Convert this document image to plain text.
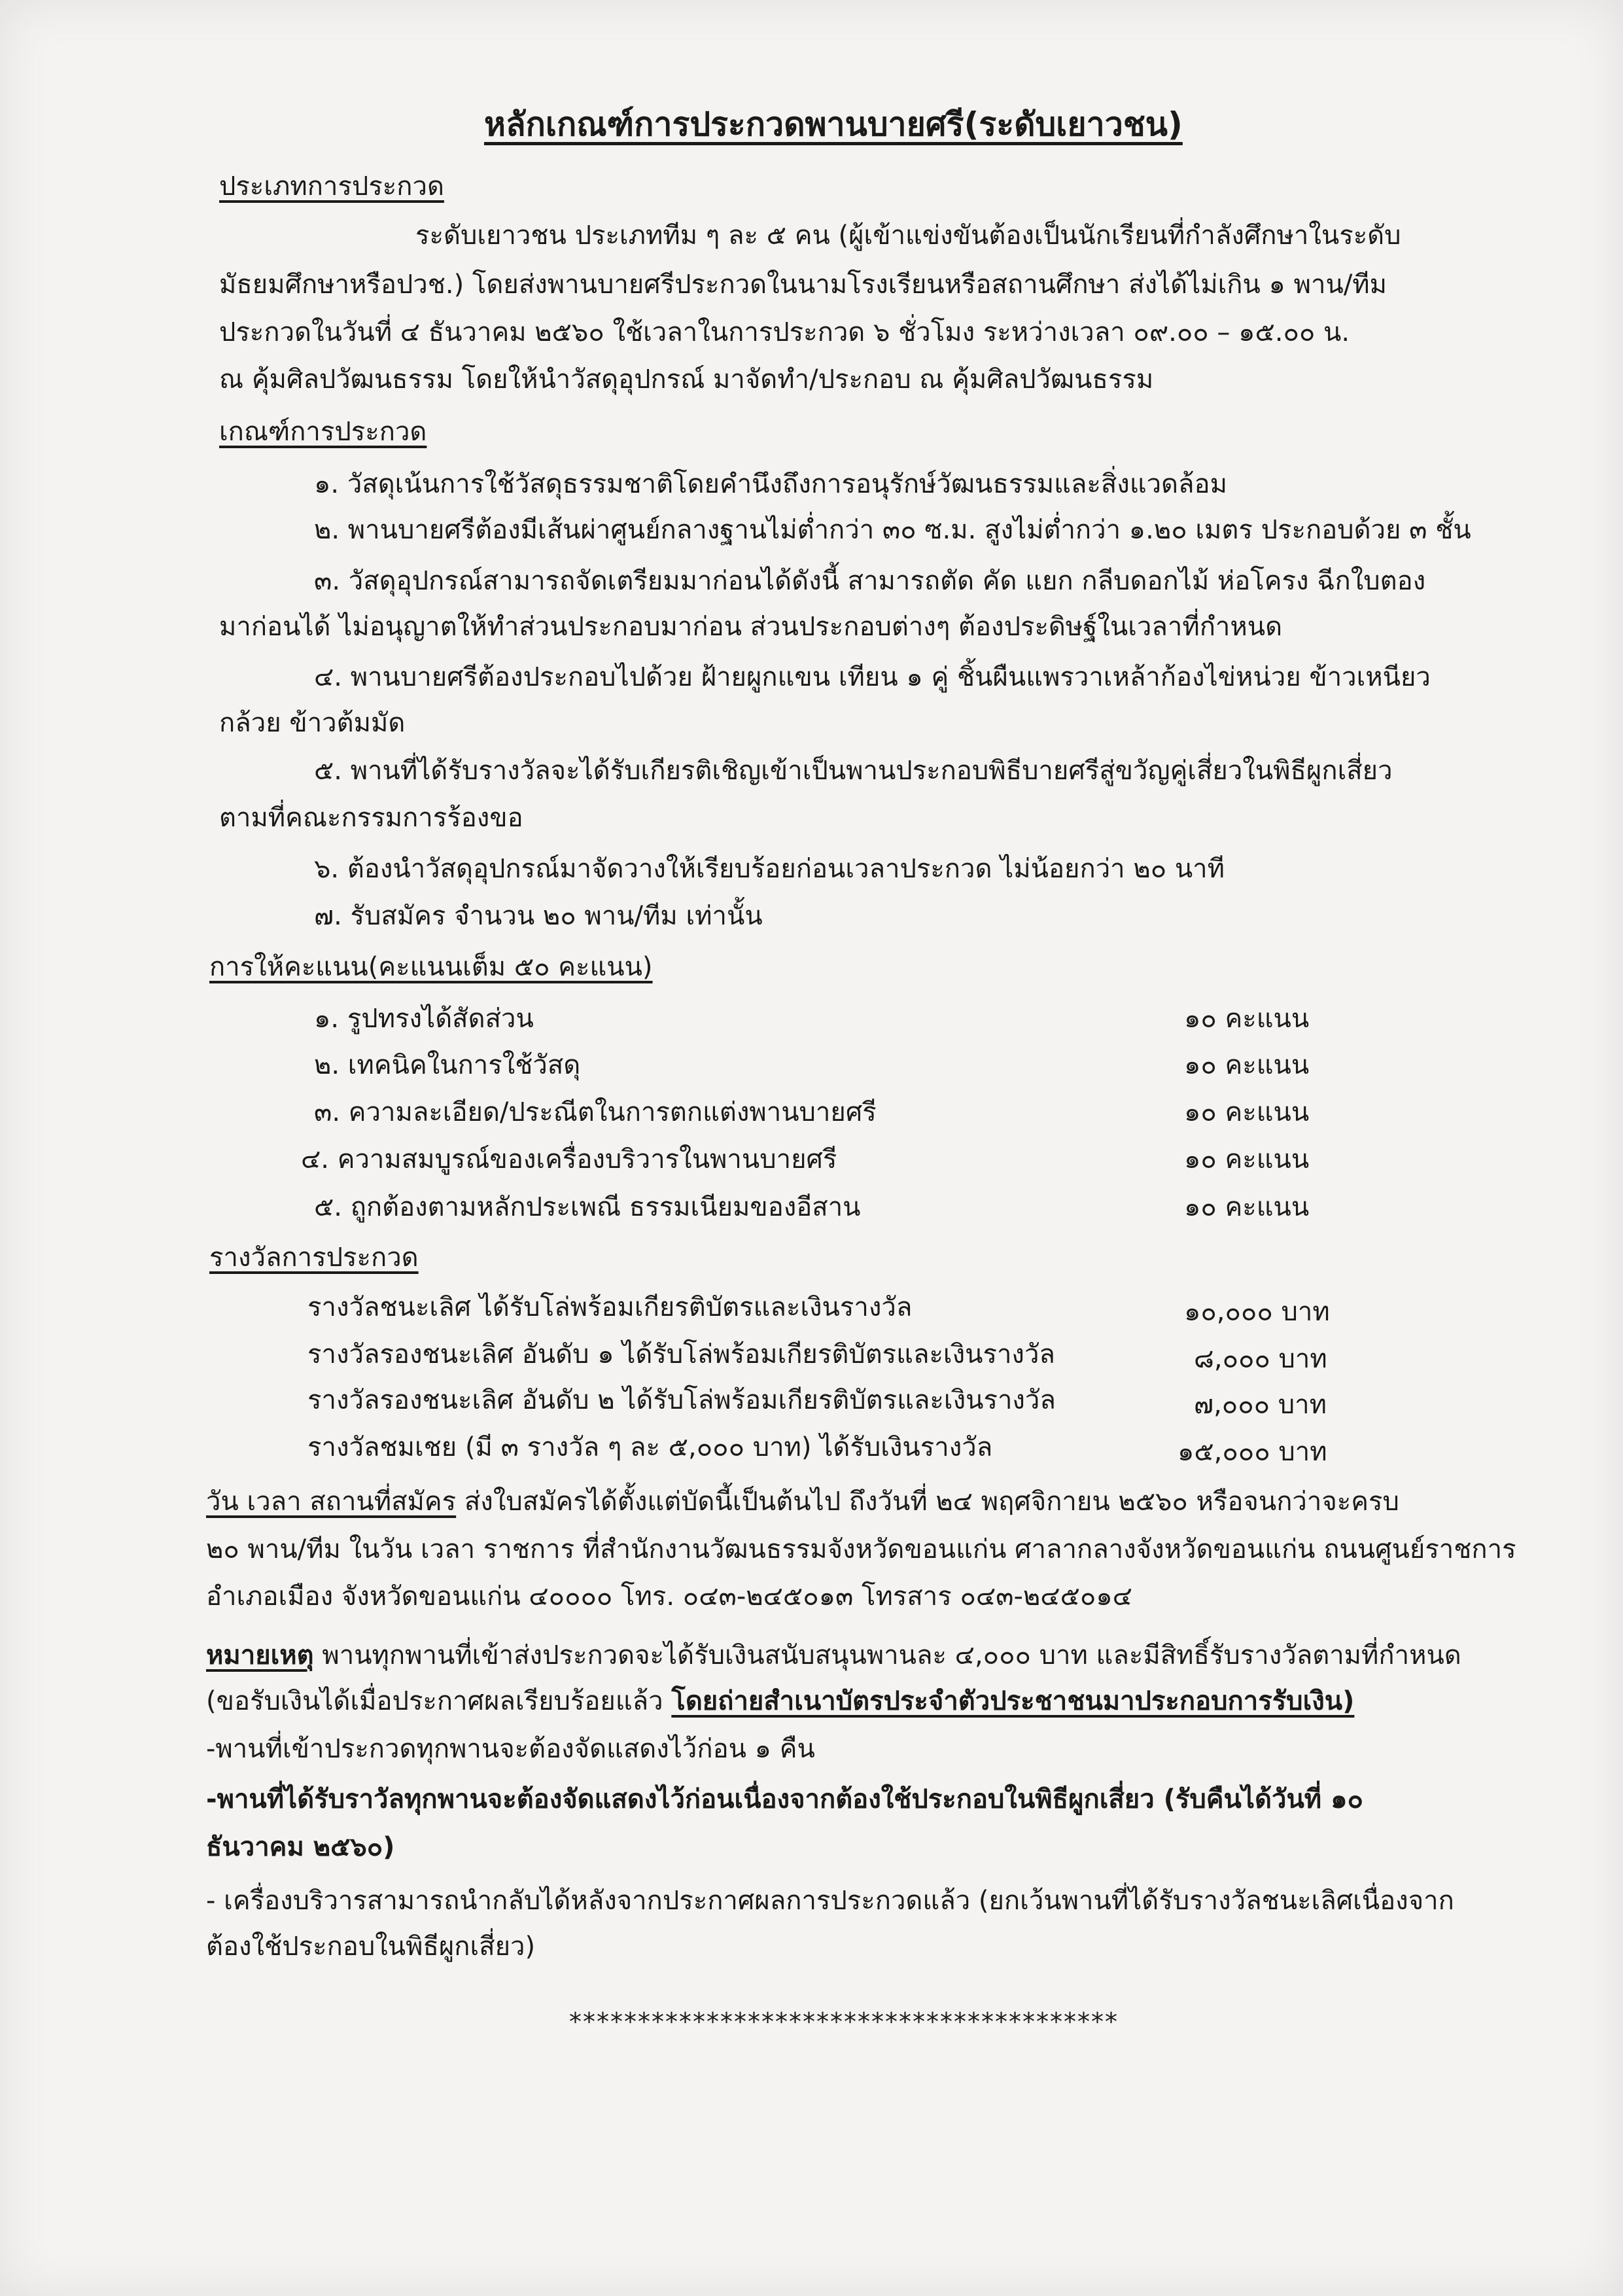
หลักเกณฑ์การประกวดพานบายศรี(ระดับเยาวชน)
ประเภทการประกวด
ระดับเยาวชน ประเภททีม ๆ ละ ๕ คน (ผู้เข้าแข่งขันต้องเป็นนักเรียนที่กำลังศึกษาในระดับ
มัธยมศึกษาหรือปวช.) โดยส่งพานบายศรีประกวดในนามโรงเรียนหรือสถานศึกษา ส่งได้ไม่เกิน ๑ พาน/ทีม
ประกวดในวันที่ ๔ ธันวาคม ๒๕๖๐ ใช้เวลาในการประกวด ๖ ชั่วโมง ระหว่างเวลา ๐๙.๐๐ – ๑๕.๐๐ น.
ณ คุ้มศิลปวัฒนธรรม โดยให้นำวัสดุอุปกรณ์ มาจัดทำ/ประกอบ ณ คุ้มศิลปวัฒนธรรม
เกณฑ์การประกวด
๑. วัสดุเน้นการใช้วัสดุธรรมชาติโดยคำนึงถึงการอนุรักษ์วัฒนธรรมและสิ่งแวดล้อม
๒. พานบายศรีต้องมีเส้นผ่าศูนย์กลางฐานไม่ต่ำกว่า ๓๐ ซ.ม. สูงไม่ต่ำกว่า ๑.๒๐ เมตร ประกอบด้วย ๓ ชั้น
๓. วัสดุอุปกรณ์สามารถจัดเตรียมมาก่อนได้ดังนี้ สามารถตัด คัด แยก กลีบดอกไม้ ห่อโครง ฉีกใบตอง
มาก่อนได้ ไม่อนุญาตให้ทำส่วนประกอบมาก่อน ส่วนประกอบต่างๆ ต้องประดิษฐ์ในเวลาที่กำหนด
๔. พานบายศรีต้องประกอบไปด้วย ฝ้ายผูกแขน เทียน ๑ คู่ ชิ้นผืนแพรวาเหล้าก้องไข่หน่วย ข้าวเหนียว
กล้วย ข้าวต้มมัด
๕. พานที่ได้รับรางวัลจะได้รับเกียรติเชิญเข้าเป็นพานประกอบพิธีบายศรีสู่ขวัญคู่เสี่ยวในพิธีผูกเสี่ยว
ตามที่คณะกรรมการร้องขอ
๖. ต้องนำวัสดุอุปกรณ์มาจัดวางให้เรียบร้อยก่อนเวลาประกวด ไม่น้อยกว่า ๒๐ นาที
๗. รับสมัคร จำนวน ๒๐ พาน/ทีม เท่านั้น
การให้คะแนน(คะแนนเต็ม ๕๐ คะแนน)
๑. รูปทรงได้สัดส่วน	๑๐ คะแนน
๒. เทคนิคในการใช้วัสดุ	๑๐ คะแนน
๓. ความละเอียด/ประณีตในการตกแต่งพานบายศรี	๑๐ คะแนน
๔. ความสมบูรณ์ของเครื่องบริวารในพานบายศรี	๑๐ คะแนน
๕. ถูกต้องตามหลักประเพณี ธรรมเนียมของอีสาน	๑๐ คะแนน
รางวัลการประกวด
รางวัลชนะเลิศ ได้รับโล่พร้อมเกียรติบัตรและเงินรางวัล	๑๐,๐๐๐ บาท
รางวัลรองชนะเลิศ อันดับ ๑ ได้รับโล่พร้อมเกียรติบัตรและเงินรางวัล	๘,๐๐๐ บาท
รางวัลรองชนะเลิศ อันดับ ๒ ได้รับโล่พร้อมเกียรติบัตรและเงินรางวัล	๗,๐๐๐ บาท
รางวัลชมเชย (มี ๓ รางวัล ๆ ละ ๕,๐๐๐ บาท) ได้รับเงินรางวัล	๑๕,๐๐๐ บาท
วัน เวลา สถานที่สมัคร ส่งใบสมัครได้ตั้งแต่บัดนี้เป็นต้นไป ถึงวันที่ ๒๔ พฤศจิกายน ๒๕๖๐ หรือจนกว่าจะครบ
๒๐ พาน/ทีม ในวัน เวลา ราชการ ที่สำนักงานวัฒนธรรมจังหวัดขอนแก่น ศาลากลางจังหวัดขอนแก่น ถนนศูนย์ราชการ
อำเภอเมือง จังหวัดขอนแก่น ๔๐๐๐๐ โทร. ๐๔๓-๒๔๕๐๑๓ โทรสาร ๐๔๓-๒๔๕๐๑๔
หมายเหตุ พานทุกพานที่เข้าส่งประกวดจะได้รับเงินสนับสนุนพานละ ๔,๐๐๐ บาท และมีสิทธิ์รับรางวัลตามที่กำหนด
(ขอรับเงินได้เมื่อประกาศผลเรียบร้อยแล้ว โดยถ่ายสำเนาบัตรประจำตัวประชาชนมาประกอบการรับเงิน)
-พานที่เข้าประกวดทุกพานจะต้องจัดแสดงไว้ก่อน ๑ คืน
-พานที่ได้รับราวัลทุกพานจะต้องจัดแสดงไว้ก่อนเนื่องจากต้องใช้ประกอบในพิธีผูกเสี่ยว (รับคืนได้วันที่ ๑๐
ธันวาคม ๒๕๖๐)
- เครื่องบริวารสามารถนำกลับได้หลังจากประกาศผลการประกวดแล้ว (ยกเว้นพานที่ได้รับรางวัลชนะเลิศเนื่องจาก
ต้องใช้ประกอบในพิธีผูกเสี่ยว)
****************************************
